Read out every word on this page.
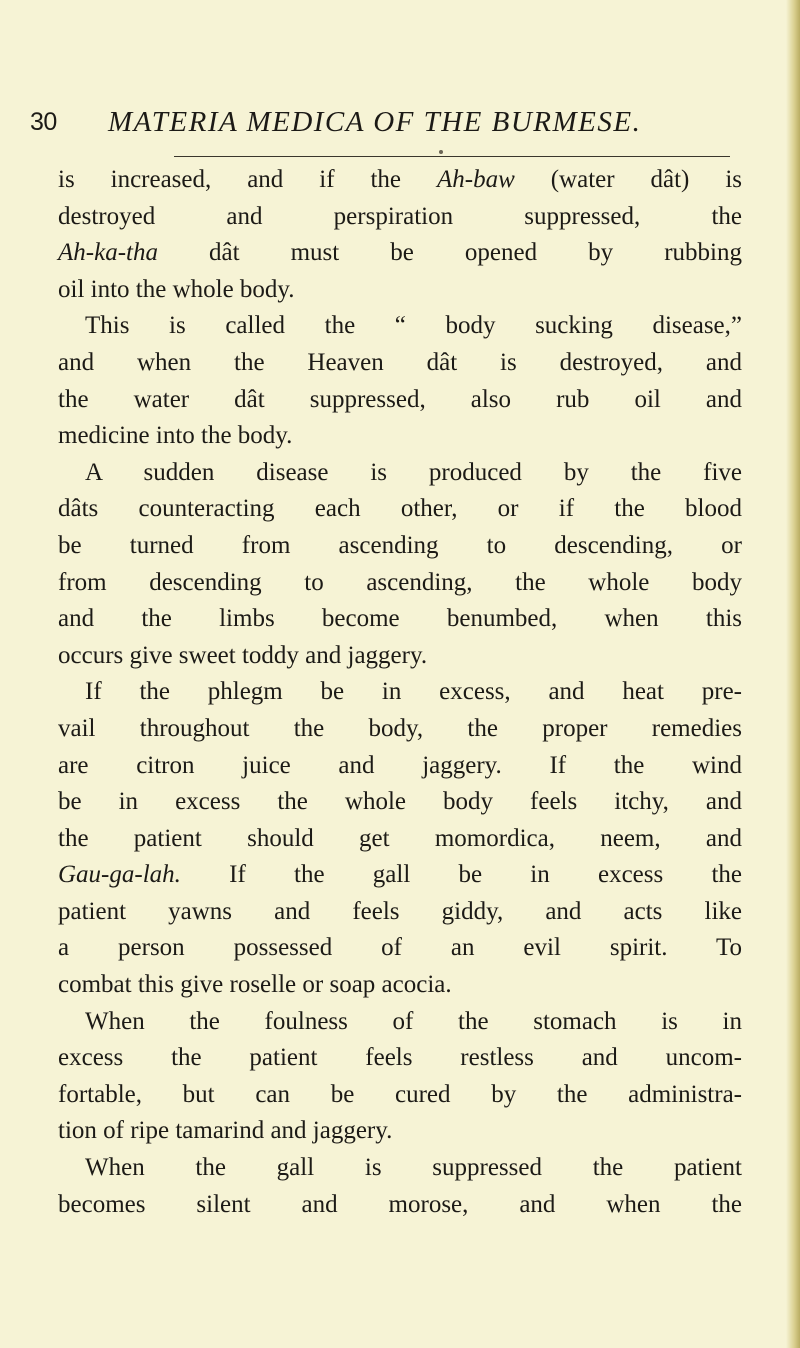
30 MATERIA MEDICA OF THE BURMESE.
is increased, and if the Ah-baw (water dât) is
destroyed and perspiration suppressed, the
Ah-ka-tha dât must be opened by rubbing
oil into the whole body.
This is called the “ body sucking disease,”
and when the Heaven dât is destroyed, and
the water dât suppressed, also rub oil and
medicine into the body.
A sudden disease is produced by the five
dâts counteracting each other, or if the blood
be turned from ascending to descending, or
from descending to ascending, the whole body
and the limbs become benumbed, when this
occurs give sweet toddy and jaggery.
If the phlegm be in excess, and heat pre-
vail throughout the body, the proper remedies
are citron juice and jaggery. If the wind
be in excess the whole body feels itchy, and
the patient should get momordica, neem, and
Gau-ga-lah. If the gall be in excess the
patient yawns and feels giddy, and acts like
a person possessed of an evil spirit. To
combat this give roselle or soap acocia.
When the foulness of the stomach is in
excess the patient feels restless and uncom-
fortable, but can be cured by the administra-
tion of ripe tamarind and jaggery.
When the gall is suppressed the patient
becomes silent and morose, and when the
